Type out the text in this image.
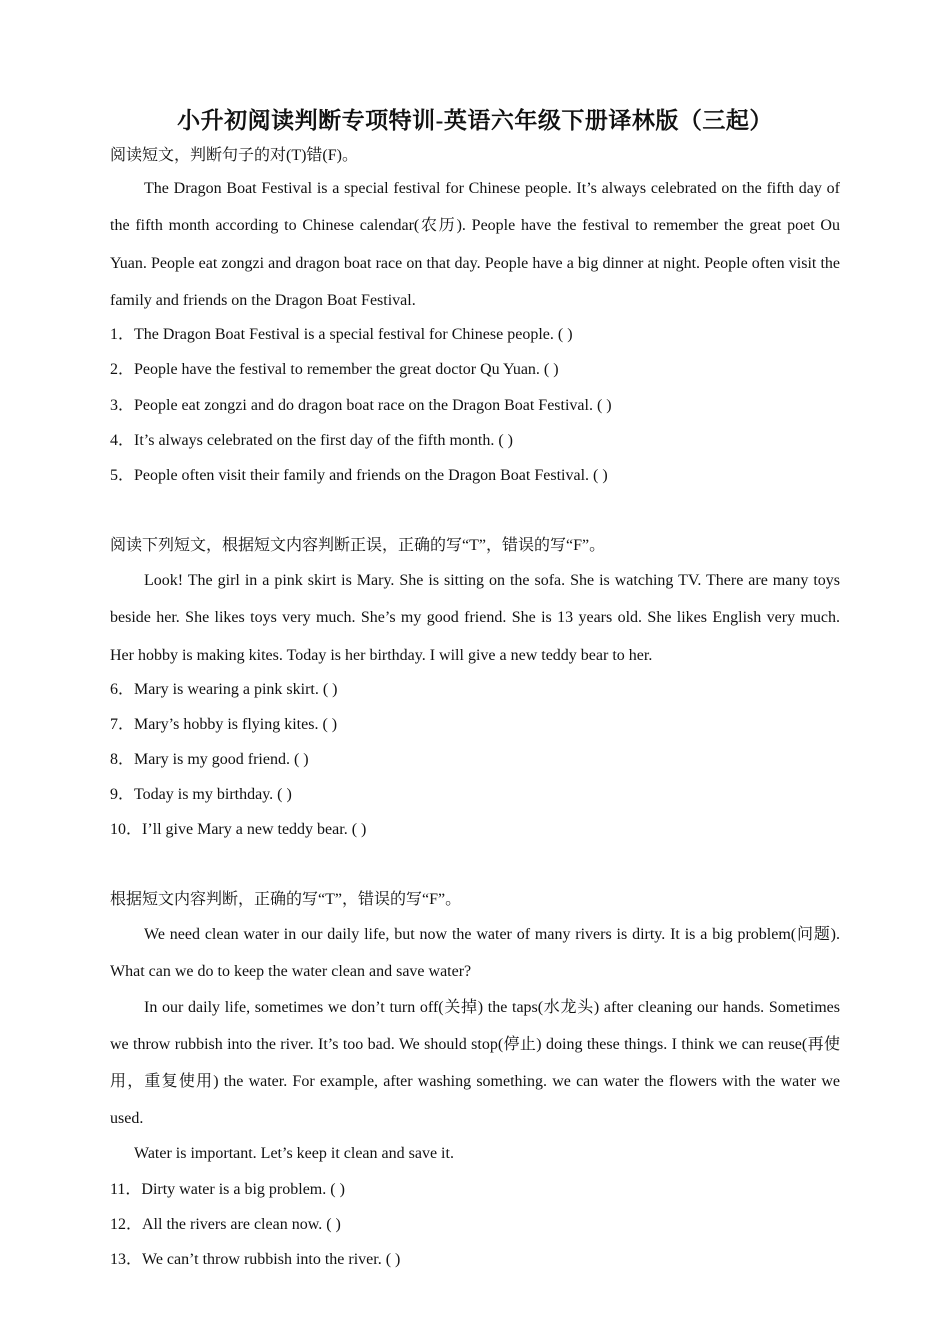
小升初阅读判断专项特训-英语六年级下册译林版（三起）
阅读短文，判断句子的对(T)错(F)。
The Dragon Boat Festival is a special festival for Chinese people. It’s always celebrated on the fifth day of the fifth month according to Chinese calendar(农历). People have the festival to remember the great poet Ou Yuan. People eat zongzi and dragon boat race on that day. People have a big dinner at night. People often visit the family and friends on the Dragon Boat Festival.
1．The Dragon Boat Festival is a special festival for Chinese people. ( )
2．People have the festival to remember the great doctor Qu Yuan. ( )
3．People eat zongzi and do dragon boat race on the Dragon Boat Festival. ( )
4．It’s always celebrated on the first day of the fifth month. ( )
5．People often visit their family and friends on the Dragon Boat Festival. ( )
阅读下列短文，根据短文内容判断正误，正确的写“T”，错误的写“F”。
Look! The girl in a pink skirt is Mary. She is sitting on the sofa. She is watching TV. There are many toys beside her. She likes toys very much. She’s my good friend. She is 13 years old. She likes English very much. Her hobby is making kites. Today is her birthday. I will give a new teddy bear to her.
6．Mary is wearing a pink skirt. ( )
7．Mary’s hobby is flying kites. ( )
8．Mary is my good friend. ( )
9．Today is my birthday. ( )
10．I’ll give Mary a new teddy bear. ( )
根据短文内容判断，正确的写“T”，错误的写“F”。
We need clean water in our daily life, but now the water of many rivers is dirty. It is a big problem(问题). What can we do to keep the water clean and save water?
In our daily life, sometimes we don’t turn off(关掉) the taps(水龙头) after cleaning our hands. Sometimes we throw rubbish into the river. It’s too bad. We should stop(停止) doing these things. I think we can reuse(再使用，重复使用) the water. For example, after washing something. we can water the flowers with the water we used.
Water is important. Let’s keep it clean and save it.
11．Dirty water is a big problem. ( )
12．All the rivers are clean now. ( )
13．We can’t throw rubbish into the river. ( )
